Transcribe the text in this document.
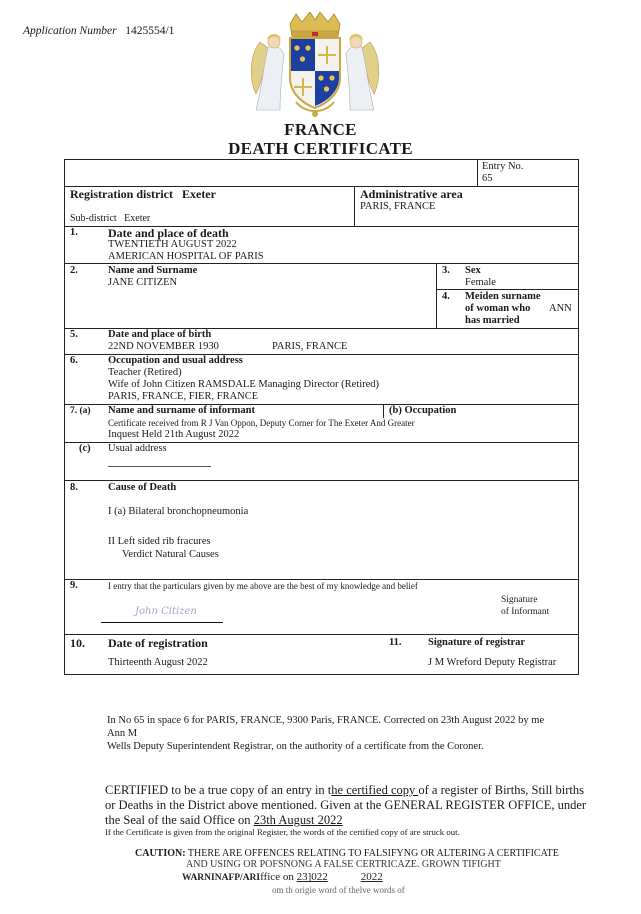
Application Number 1425554/1
FRANCE
DEATH CERTIFICATE
Entry No.
65
Registration district Exeter
Sub-district Exeter
Administrative area
PARIS, FRANCE
1.	Date and place of death
TWENTIETH AUGUST 2022
AMERICAN HOSPITAL OF PARIS
2.	Name and Surname
JANE CITIZEN
3. Sex
Female
4. Meiden surname
of woman who
has married
ANN
5.	Date and place of birth
22ND NOVEMBER 1930	PARIS, FRANCE
6.	Occupation and usual address
Teacher (Retired)
Wife of John Citizen RAMSDALE Managing Director (Retired)
PARIS, FRANCE, FIER, FRANCE
7. (a) Name and surname of informant	(b) Occupation
Certificate received from R J Van Oppon, Deputy Corner for The Exeter And Greater
Inquest Held 21th August 2022
(c) Usual address
8.	Cause of Death
I (a) Bilateral bronchopneumonia
II Left sided rib fracures
Verdict Natural Causes
9.	I entry that the particulars given by me above are the best of my knowledge and belief
John Citizen
Signature
of Informant
10. Date of registration
Thirteenth August 2022
11.	Signature of registrar
J M Wreford Deputy Registrar
In No 65 in space 6 for PARIS, FRANCE, 9300 Paris, FRANCE. Corrected on 23th August 2022 by me
Ann M
Wells Deputy Superintendent Registrar, on the authority of a certificate from the Coroner.
CERTIFIED to be a true copy of an entry in the certified copy of a register of Births, Still births
or Deaths in the District above mentioned. Given at the GENERAL REGISTER OFFICE, under
the Seal of the said Office on 23th August 2022
If the Certificate is given from the original Register, the words of the certified copy of are struck out.
CAUTION: THERE ARE OFFENCES RELATING TO FALSIFYNG OR ALTERING A CERTIFICATE
AND USING OR POFSNONG A FALSE CERTRICAZE. GROWN TIFIGHT
WARNINAFP/ARIffice on 23]022	2022
om th origie word of thelve words of
